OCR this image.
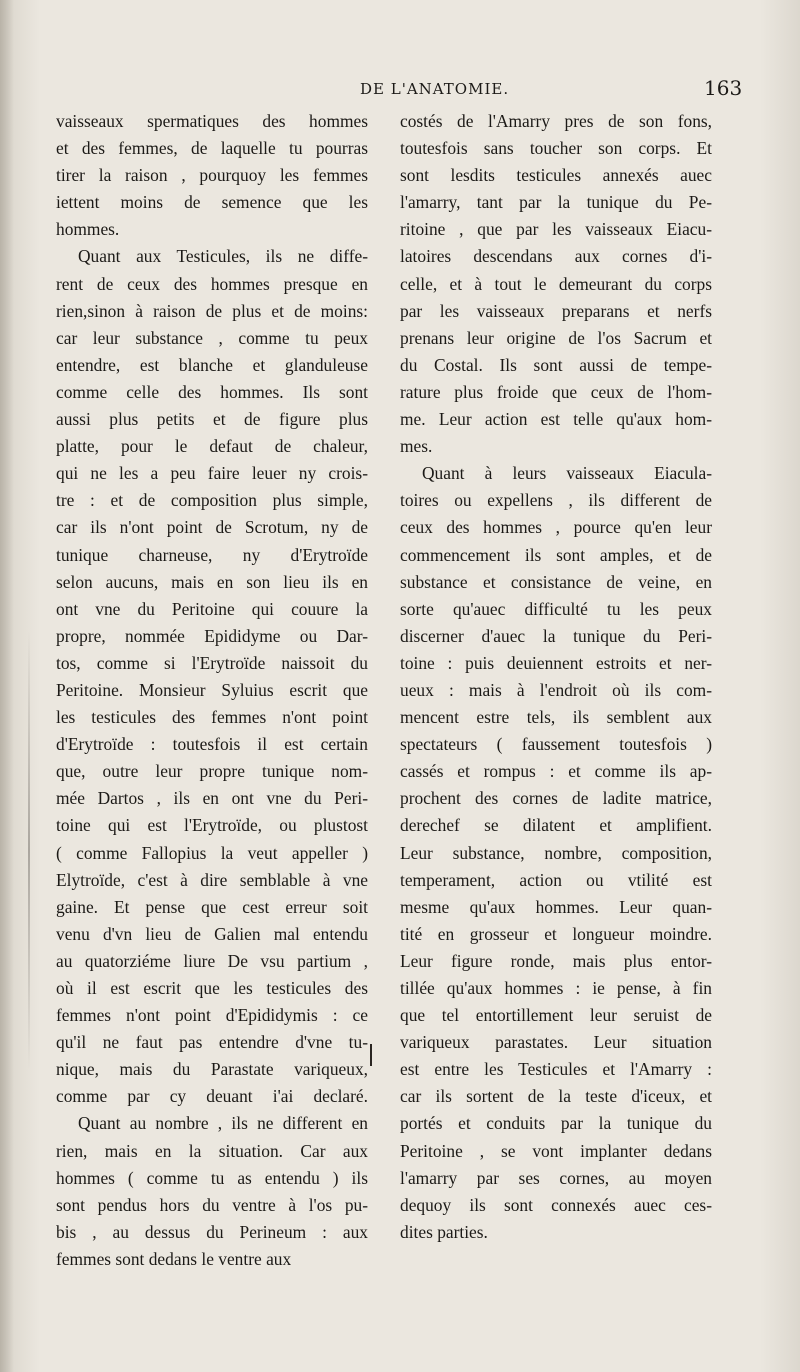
DE L'ANATOMIE.	163
vaisseaux spermatiques des hommes
et des femmes, de laquelle tu pourras
tirer la raison , pourquoy les femmes
iettent moins de semence que les
hommes.
Quant aux Testicules, ils ne diffe-
rent de ceux des hommes presque en
rien,sinon à raison de plus et de moins:
car leur substance , comme tu peux
entendre, est blanche et glanduleuse
comme celle des hommes. Ils sont
aussi plus petits et de figure plus
platte, pour le defaut de chaleur,
qui ne les a peu faire leuer ny crois-
tre : et de composition plus simple,
car ils n'ont point de Scrotum, ny de
tunique charneuse, ny d'Erytroïde
selon aucuns, mais en son lieu ils en
ont vne du Peritoine qui couure la
propre, nommée Epididyme ou Dar-
tos, comme si l'Erytroïde naissoit du
Peritoine. Monsieur Syluius escrit que
les testicules des femmes n'ont point
d'Erytroïde : toutesfois il est certain
que, outre leur propre tunique nom-
mée Dartos , ils en ont vne du Peri-
toine qui est l'Erytroïde, ou plustost
( comme Fallopius la veut appeller )
Elytroïde, c'est à dire semblable à vne
gaine. Et pense que cest erreur soit
venu d'vn lieu de Galien mal entendu
au quatorziéme liure De vsu partium ,
où il est escrit que les testicules des
femmes n'ont point d'Epididymis : ce
qu'il ne faut pas entendre d'vne tu-
nique, mais du Parastate variqueux,
comme par cy deuant i'ai declaré.
Quant au nombre , ils ne different en
rien, mais en la situation. Car aux
hommes ( comme tu as entendu ) ils
sont pendus hors du ventre à l'os pu-
bis , au dessus du Perineum : aux
femmes sont dedans le ventre aux
costés de l'Amarry pres de son fons,
toutesfois sans toucher son corps. Et
sont lesdits testicules annexés auec
l'amarry, tant par la tunique du Pe-
ritoine , que par les vaisseaux Eiacu-
latoires descendans aux cornes d'i-
celle, et à tout le demeurant du corps
par les vaisseaux preparans et nerfs
prenans leur origine de l'os Sacrum et
du Costal. Ils sont aussi de tempe-
rature plus froide que ceux de l'hom-
me. Leur action est telle qu'aux hom-
mes.
Quant à leurs vaisseaux Eiacula-
toires ou expellens , ils different de
ceux des hommes , pource qu'en leur
commencement ils sont amples, et de
substance et consistance de veine, en
sorte qu'auec difficulté tu les peux
discerner d'auec la tunique du Peri-
toine : puis deuiennent estroits et ner-
ueux : mais à l'endroit où ils com-
mencent estre tels, ils semblent aux
spectateurs ( faussement toutesfois )
cassés et rompus : et comme ils ap-
prochent des cornes de ladite matrice,
derechef se dilatent et amplifient.
Leur substance, nombre, composition,
temperament, action ou vtilité est
mesme qu'aux hommes. Leur quan-
tité en grosseur et longueur moindre.
Leur figure ronde, mais plus entor-
tillée qu'aux hommes : ie pense, à fin
que tel entortillement leur seruist de
variqueux parastates. Leur situation
est entre les Testicules et l'Amarry :
car ils sortent de la teste d'iceux, et
portés et conduits par la tunique du
Peritoine , se vont implanter dedans
l'amarry par ses cornes, au moyen
dequoy ils sont connexés auec ces-
dites parties.
